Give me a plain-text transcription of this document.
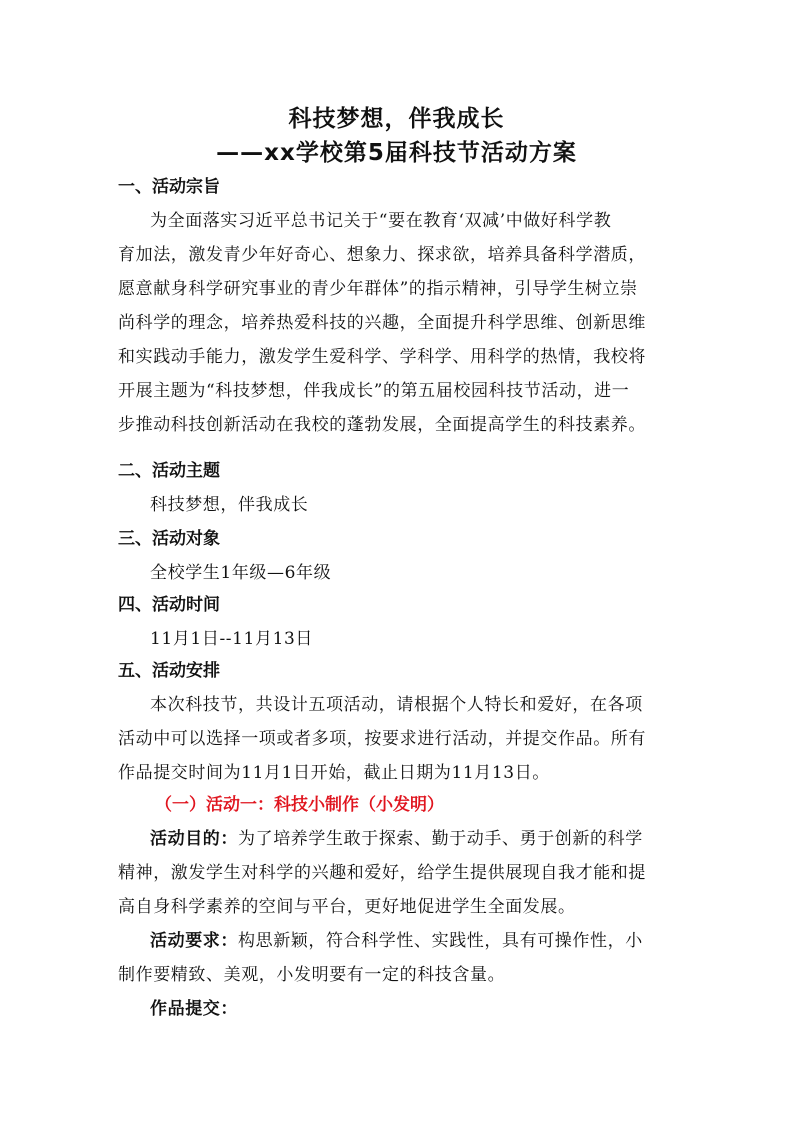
科技梦想，伴我成长
——xx学校第5届科技节活动方案
一、活动宗旨
为全面落实习近平总书记关于“要在教育‘双减’中做好科学教
育加法，激发青少年好奇心、想象力、探求欲，培养具备科学潜质，
愿意献身科学研究事业的青少年群体”的指示精神，引导学生树立崇
尚科学的理念，培养热爱科技的兴趣，全面提升科学思维、创新思维
和实践动手能力，激发学生爱科学、学科学、用科学的热情，我校将
开展主题为“科技梦想，伴我成长”的第五届校园科技节活动，进一
步推动科技创新活动在我校的蓬勃发展，全面提高学生的科技素养。
二、活动主题
科技梦想，伴我成长
三、活动对象
全校学生1年级—6年级
四、活动时间
11月1日--11月13日
五、活动安排
本次科技节，共设计五项活动，请根据个人特长和爱好，在各项
活动中可以选择一项或者多项，按要求进行活动，并提交作品。所有
作品提交时间为11月1日开始，截止日期为11月13日。
（一）活动一：科技小制作（小发明）
活动目的：为了培养学生敢于探索、勤于动手、勇于创新的科学
精神，激发学生对科学的兴趣和爱好，给学生提供展现自我才能和提
高自身科学素养的空间与平台，更好地促进学生全面发展。
活动要求：构思新颖，符合科学性、实践性，具有可操作性，小
制作要精致、美观，小发明要有一定的科技含量。
作品提交：
